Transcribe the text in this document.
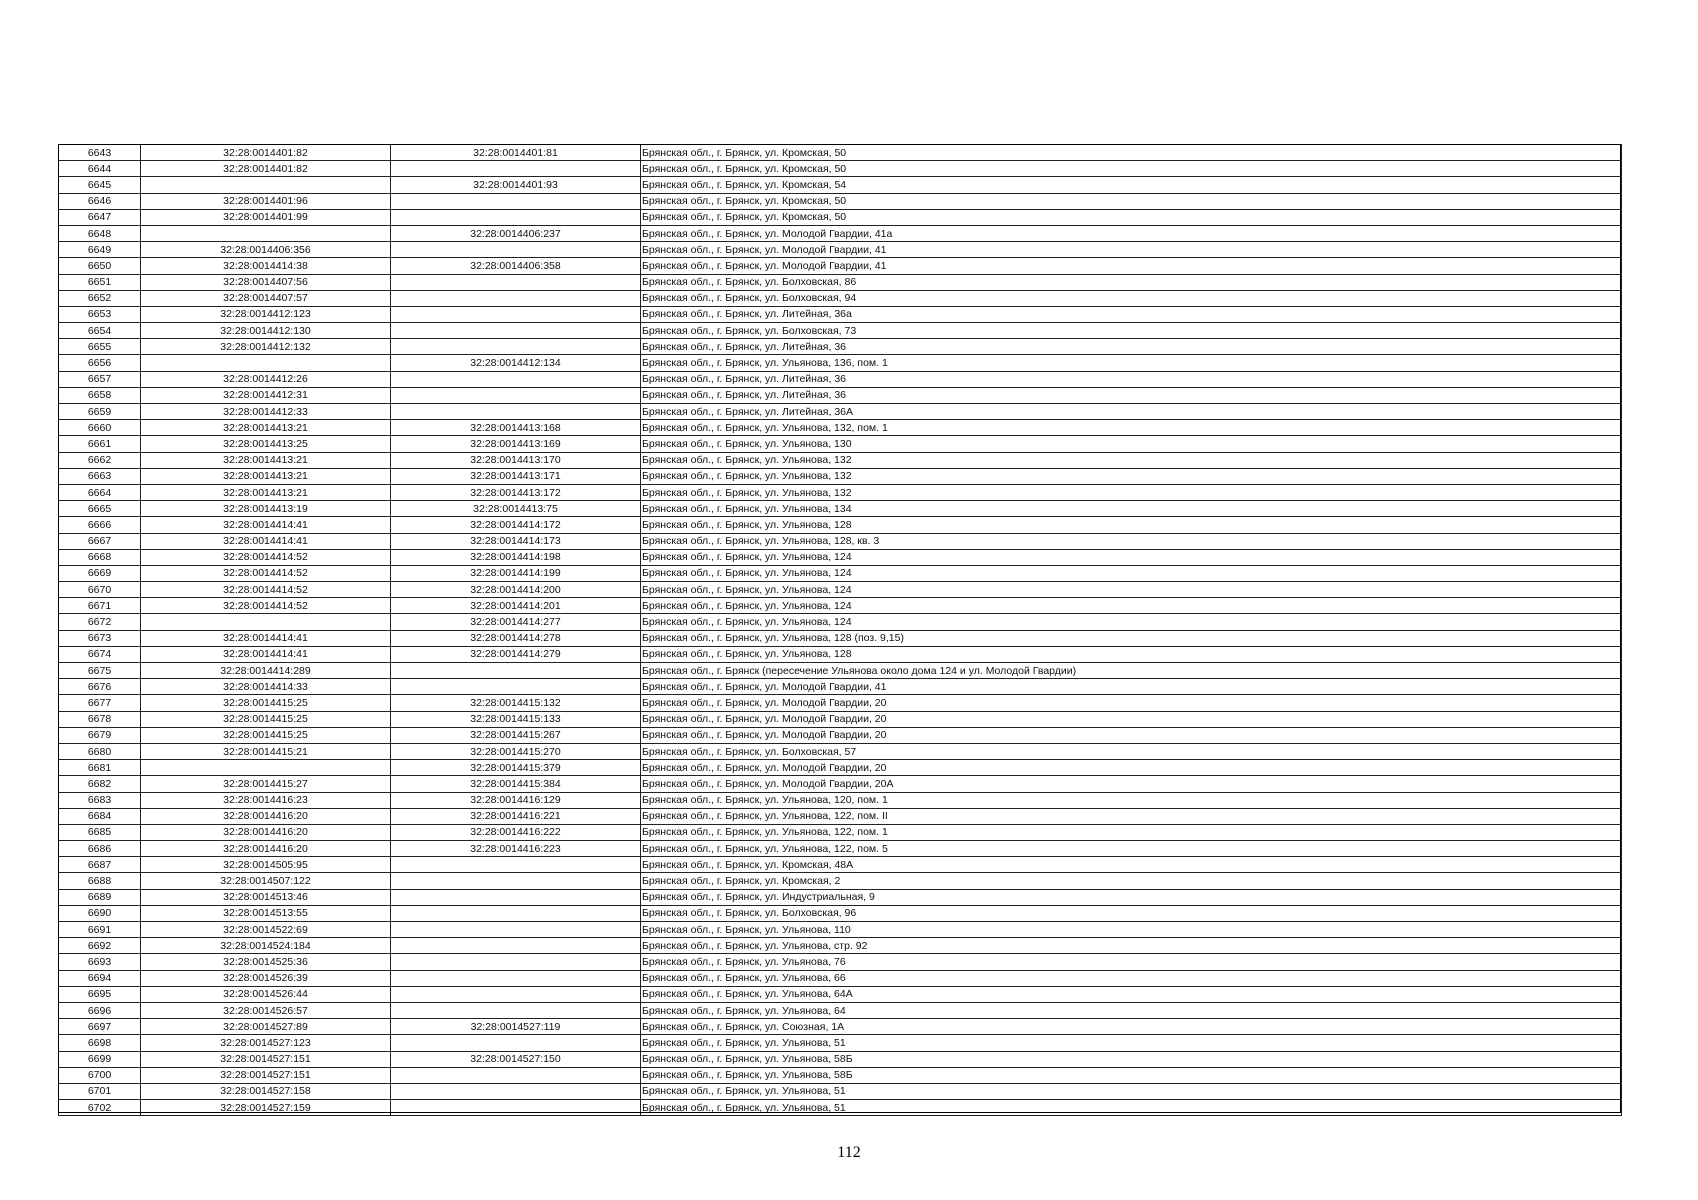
6643	32:28:0014401:82	32:28:0014401:81	Брянская обл., г. Брянск, ул. Кромская, 50
6644	32:28:0014401:82		Брянская обл., г. Брянск, ул. Кромская, 50
6645		32:28:0014401:93	Брянская обл., г. Брянск, ул. Кромская, 54
6646	32:28:0014401:96		Брянская обл., г. Брянск, ул. Кромская, 50
6647	32:28:0014401:99		Брянская обл., г. Брянск, ул. Кромская, 50
6648		32:28:0014406:237	Брянская обл., г. Брянск, ул. Молодой Гвардии, 41а
6649	32:28:0014406:356		Брянская обл., г. Брянск, ул. Молодой Гвардии, 41
6650	32:28:0014414:38	32:28:0014406:358	Брянская обл., г. Брянск, ул. Молодой Гвардии, 41
6651	32:28:0014407:56		Брянская обл., г. Брянск, ул. Болховская, 86
6652	32:28:0014407:57		Брянская обл., г. Брянск, ул. Болховская, 94
6653	32:28:0014412:123		Брянская обл., г. Брянск, ул. Литейная, 36а
6654	32:28:0014412:130		Брянская обл., г. Брянск, ул. Болховская, 73
6655	32:28:0014412:132		Брянская обл., г. Брянск, ул. Литейная, 36
6656		32:28:0014412:134	Брянская обл., г. Брянск, ул. Ульянова, 136, пом. 1
6657	32:28:0014412:26		Брянская обл., г. Брянск, ул. Литейная, 36
6658	32:28:0014412:31		Брянская обл., г. Брянск, ул. Литейная, 36
6659	32:28:0014412:33		Брянская обл., г. Брянск, ул. Литейная, 36А
6660	32:28:0014413:21	32:28:0014413:168	Брянская обл., г. Брянск, ул. Ульянова, 132, пом. 1
6661	32:28:0014413:25	32:28:0014413:169	Брянская обл., г. Брянск, ул. Ульянова, 130
6662	32:28:0014413:21	32:28:0014413:170	Брянская обл., г. Брянск, ул. Ульянова, 132
6663	32:28:0014413:21	32:28:0014413:171	Брянская обл., г. Брянск, ул. Ульянова, 132
6664	32:28:0014413:21	32:28:0014413:172	Брянская обл., г. Брянск, ул. Ульянова, 132
6665	32:28:0014413:19	32:28:0014413:75	Брянская обл., г. Брянск, ул. Ульянова, 134
6666	32:28:0014414:41	32:28:0014414:172	Брянская обл., г. Брянск, ул. Ульянова, 128
6667	32:28:0014414:41	32:28:0014414:173	Брянская обл., г. Брянск, ул. Ульянова, 128, кв. 3
6668	32:28:0014414:52	32:28:0014414:198	Брянская обл., г. Брянск, ул. Ульянова, 124
6669	32:28:0014414:52	32:28:0014414:199	Брянская обл., г. Брянск, ул. Ульянова, 124
6670	32:28:0014414:52	32:28:0014414:200	Брянская обл., г. Брянск, ул. Ульянова, 124
6671	32:28:0014414:52	32:28:0014414:201	Брянская обл., г. Брянск, ул. Ульянова, 124
6672		32:28:0014414:277	Брянская обл., г. Брянск, ул. Ульянова, 124
6673	32:28:0014414:41	32:28:0014414:278	Брянская обл., г. Брянск, ул. Ульянова, 128 (поз. 9,15)
6674	32:28:0014414:41	32:28:0014414:279	Брянская обл., г. Брянск, ул. Ульянова, 128
6675	32:28:0014414:289		Брянская обл., г. Брянск (пересечение Ульянова около дома 124 и ул. Молодой Гвардии)
6676	32:28:0014414:33		Брянская обл., г. Брянск, ул. Молодой Гвардии, 41
6677	32:28:0014415:25	32:28:0014415:132	Брянская обл., г. Брянск, ул. Молодой Гвардии, 20
6678	32:28:0014415:25	32:28:0014415:133	Брянская обл., г. Брянск, ул. Молодой Гвардии, 20
6679	32:28:0014415:25	32:28:0014415:267	Брянская обл., г. Брянск, ул. Молодой Гвардии, 20
6680	32:28:0014415:21	32:28:0014415:270	Брянская обл., г. Брянск, ул. Болховская, 57
6681		32:28:0014415:379	Брянская обл., г. Брянск, ул. Молодой Гвардии, 20
6682	32:28:0014415:27	32:28:0014415:384	Брянская обл., г. Брянск, ул. Молодой Гвардии, 20А
6683	32:28:0014416:23	32:28:0014416:129	Брянская обл., г. Брянск, ул. Ульянова, 120, пом. 1
6684	32:28:0014416:20	32:28:0014416:221	Брянская обл., г. Брянск, ул. Ульянова, 122, пом. II
6685	32:28:0014416:20	32:28:0014416:222	Брянская обл., г. Брянск, ул. Ульянова, 122, пом. 1
6686	32:28:0014416:20	32:28:0014416:223	Брянская обл., г. Брянск, ул. Ульянова, 122, пом. 5
6687	32:28:0014505:95		Брянская обл., г. Брянск, ул. Кромская, 48А
6688	32:28:0014507:122		Брянская обл., г. Брянск, ул. Кромская, 2
6689	32:28:0014513:46		Брянская обл., г. Брянск, ул. Индустриальная, 9
6690	32:28:0014513:55		Брянская обл., г. Брянск, ул. Болховская, 96
6691	32:28:0014522:69		Брянская обл., г. Брянск, ул. Ульянова, 110
6692	32:28:0014524:184		Брянская обл., г. Брянск, ул. Ульянова, стр. 92
6693	32:28:0014525:36		Брянская обл., г. Брянск, ул. Ульянова, 76
6694	32:28:0014526:39		Брянская обл., г. Брянск, ул. Ульянова, 66
6695	32:28:0014526:44		Брянская обл., г. Брянск, ул. Ульянова, 64А
6696	32:28:0014526:57		Брянская обл., г. Брянск, ул. Ульянова, 64
6697	32:28:0014527:89	32:28:0014527:119	Брянская обл., г. Брянск, ул. Союзная, 1А
6698	32:28:0014527:123		Брянская обл., г. Брянск, ул. Ульянова, 51
6699	32:28:0014527:151	32:28:0014527:150	Брянская обл., г. Брянск, ул. Ульянова, 58Б
6700	32:28:0014527:151		Брянская обл., г. Брянск, ул. Ульянова, 58Б
6701	32:28:0014527:158		Брянская обл., г. Брянск, ул. Ульянова, 51
6702	32:28:0014527:159		Брянская обл., г. Брянск, ул. Ульянова, 51
112
